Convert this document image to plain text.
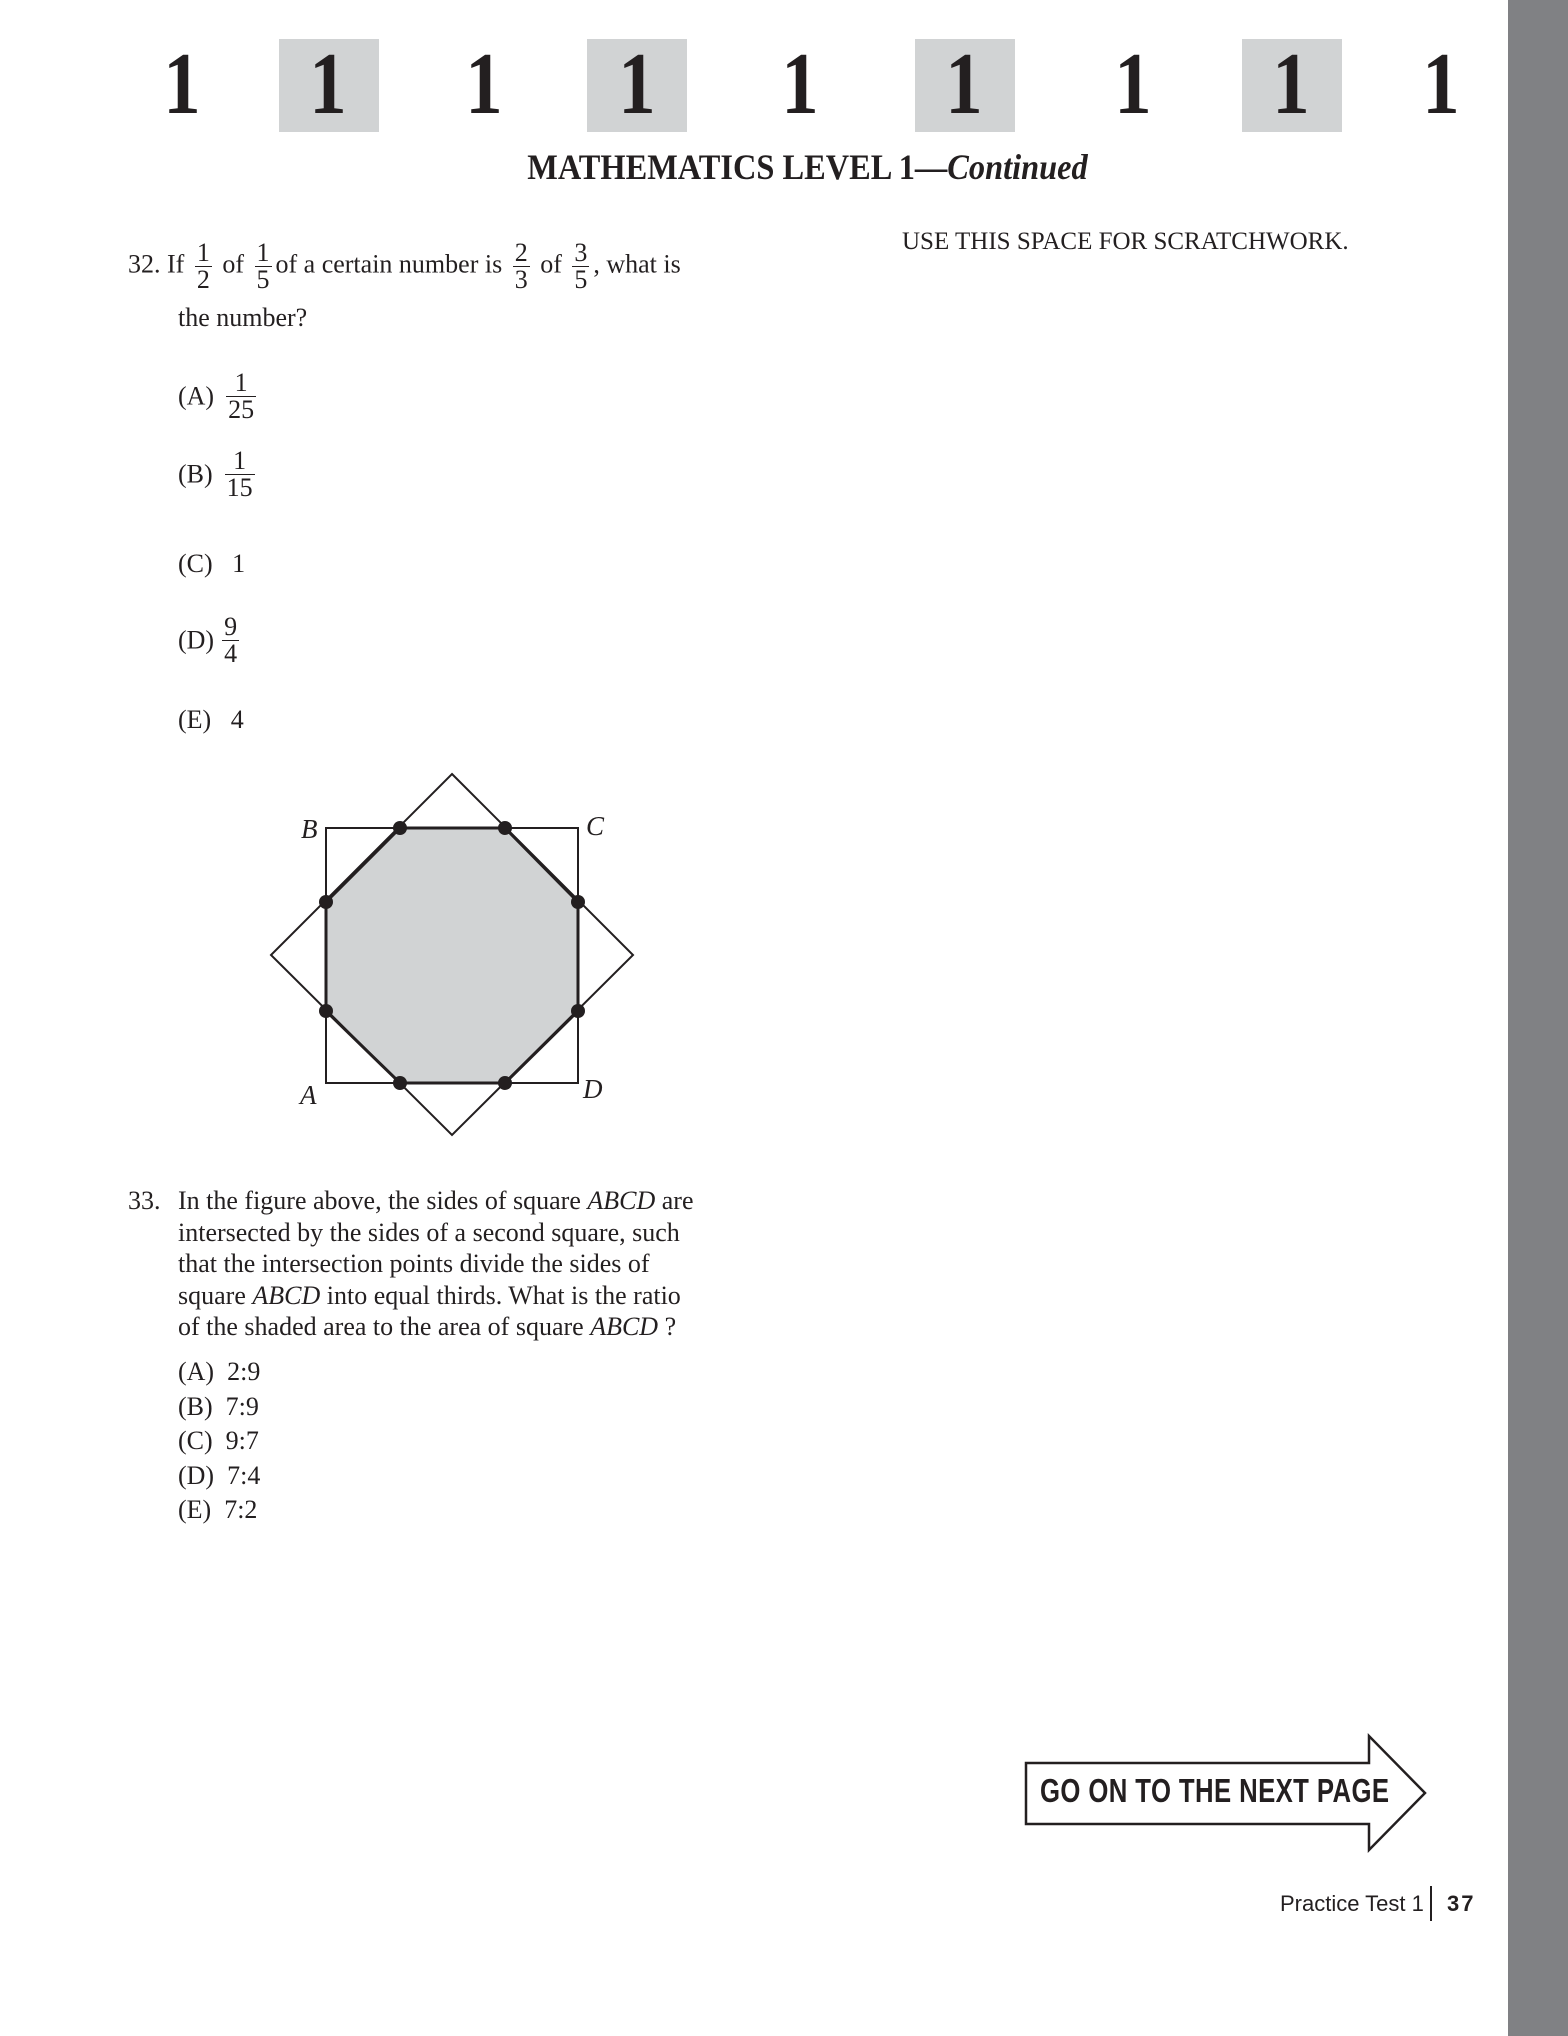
1 1 1 1 1 1 1 1 1
MATHEMATICS LEVEL 1—Continued
USE THIS SPACE FOR SCRATCHWORK.
32. If $\frac{1}{2}$ of $\frac{1}{5}$ of a certain number is $\frac{2}{3}$ of $\frac{3}{5}$ , what is
the number?
$(A) \frac{1}{25}$
$(B) \frac{1}{15}$
(C) 1
$(D) \frac{9}{4}$
(E) 4
A
B	C
D
33. In the figure above, the sides of square ABCD are
intersected by the sides of a second square, such
that the intersection points divide the sides of
square ABCD into equal thirds. What is the ratio
of the shaded area to the area of square ABCD ?
(A) 2:9
(B) 7:9
(C) 9:7
(D) 7:4
(E) 7:2
GO ON TO THE NEXT PAGE
Practice Test 1 37
